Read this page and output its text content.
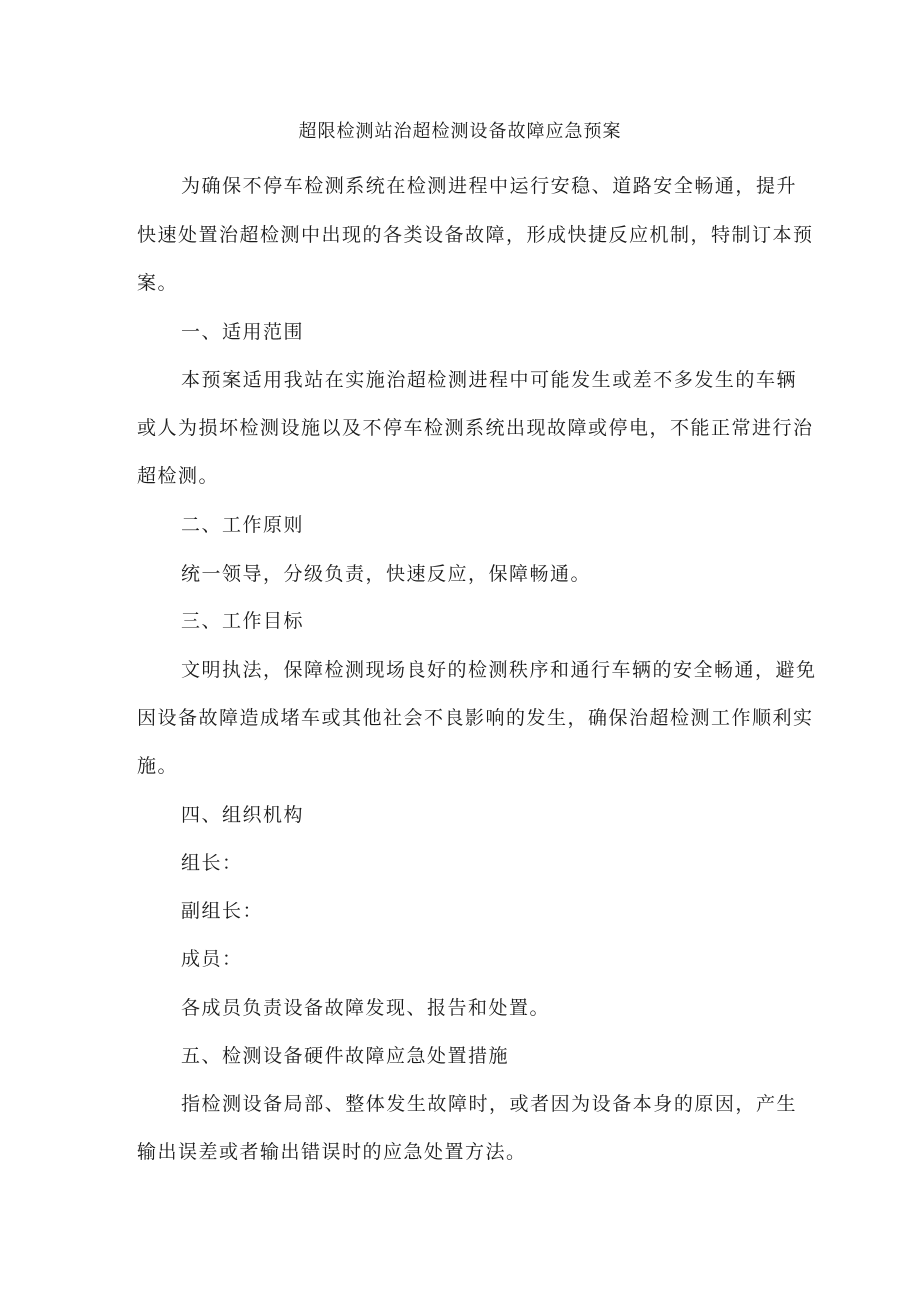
超限检测站治超检测设备故障应急预案
为确保不停车检测系统在检测进程中运行安稳、道路安全畅通，提升
快速处置治超检测中出现的各类设备故障，形成快捷反应机制，特制订本预
案。
一、适用范围
本预案适用我站在实施治超检测进程中可能发生或差不多发生的车辆
或人为损坏检测设施以及不停车检测系统出现故障或停电，不能正常进行治
超检测。
二、工作原则
统一领导，分级负责，快速反应，保障畅通。
三、工作目标
文明执法，保障检测现场良好的检测秩序和通行车辆的安全畅通，避免
因设备故障造成堵车或其他社会不良影响的发生，确保治超检测工作顺利实
施。
四、组织机构
组长：
副组长：
成员：
各成员负责设备故障发现、报告和处置。
五、检测设备硬件故障应急处置措施
指检测设备局部、整体发生故障时，或者因为设备本身的原因，产生
输出误差或者输出错误时的应急处置方法。
